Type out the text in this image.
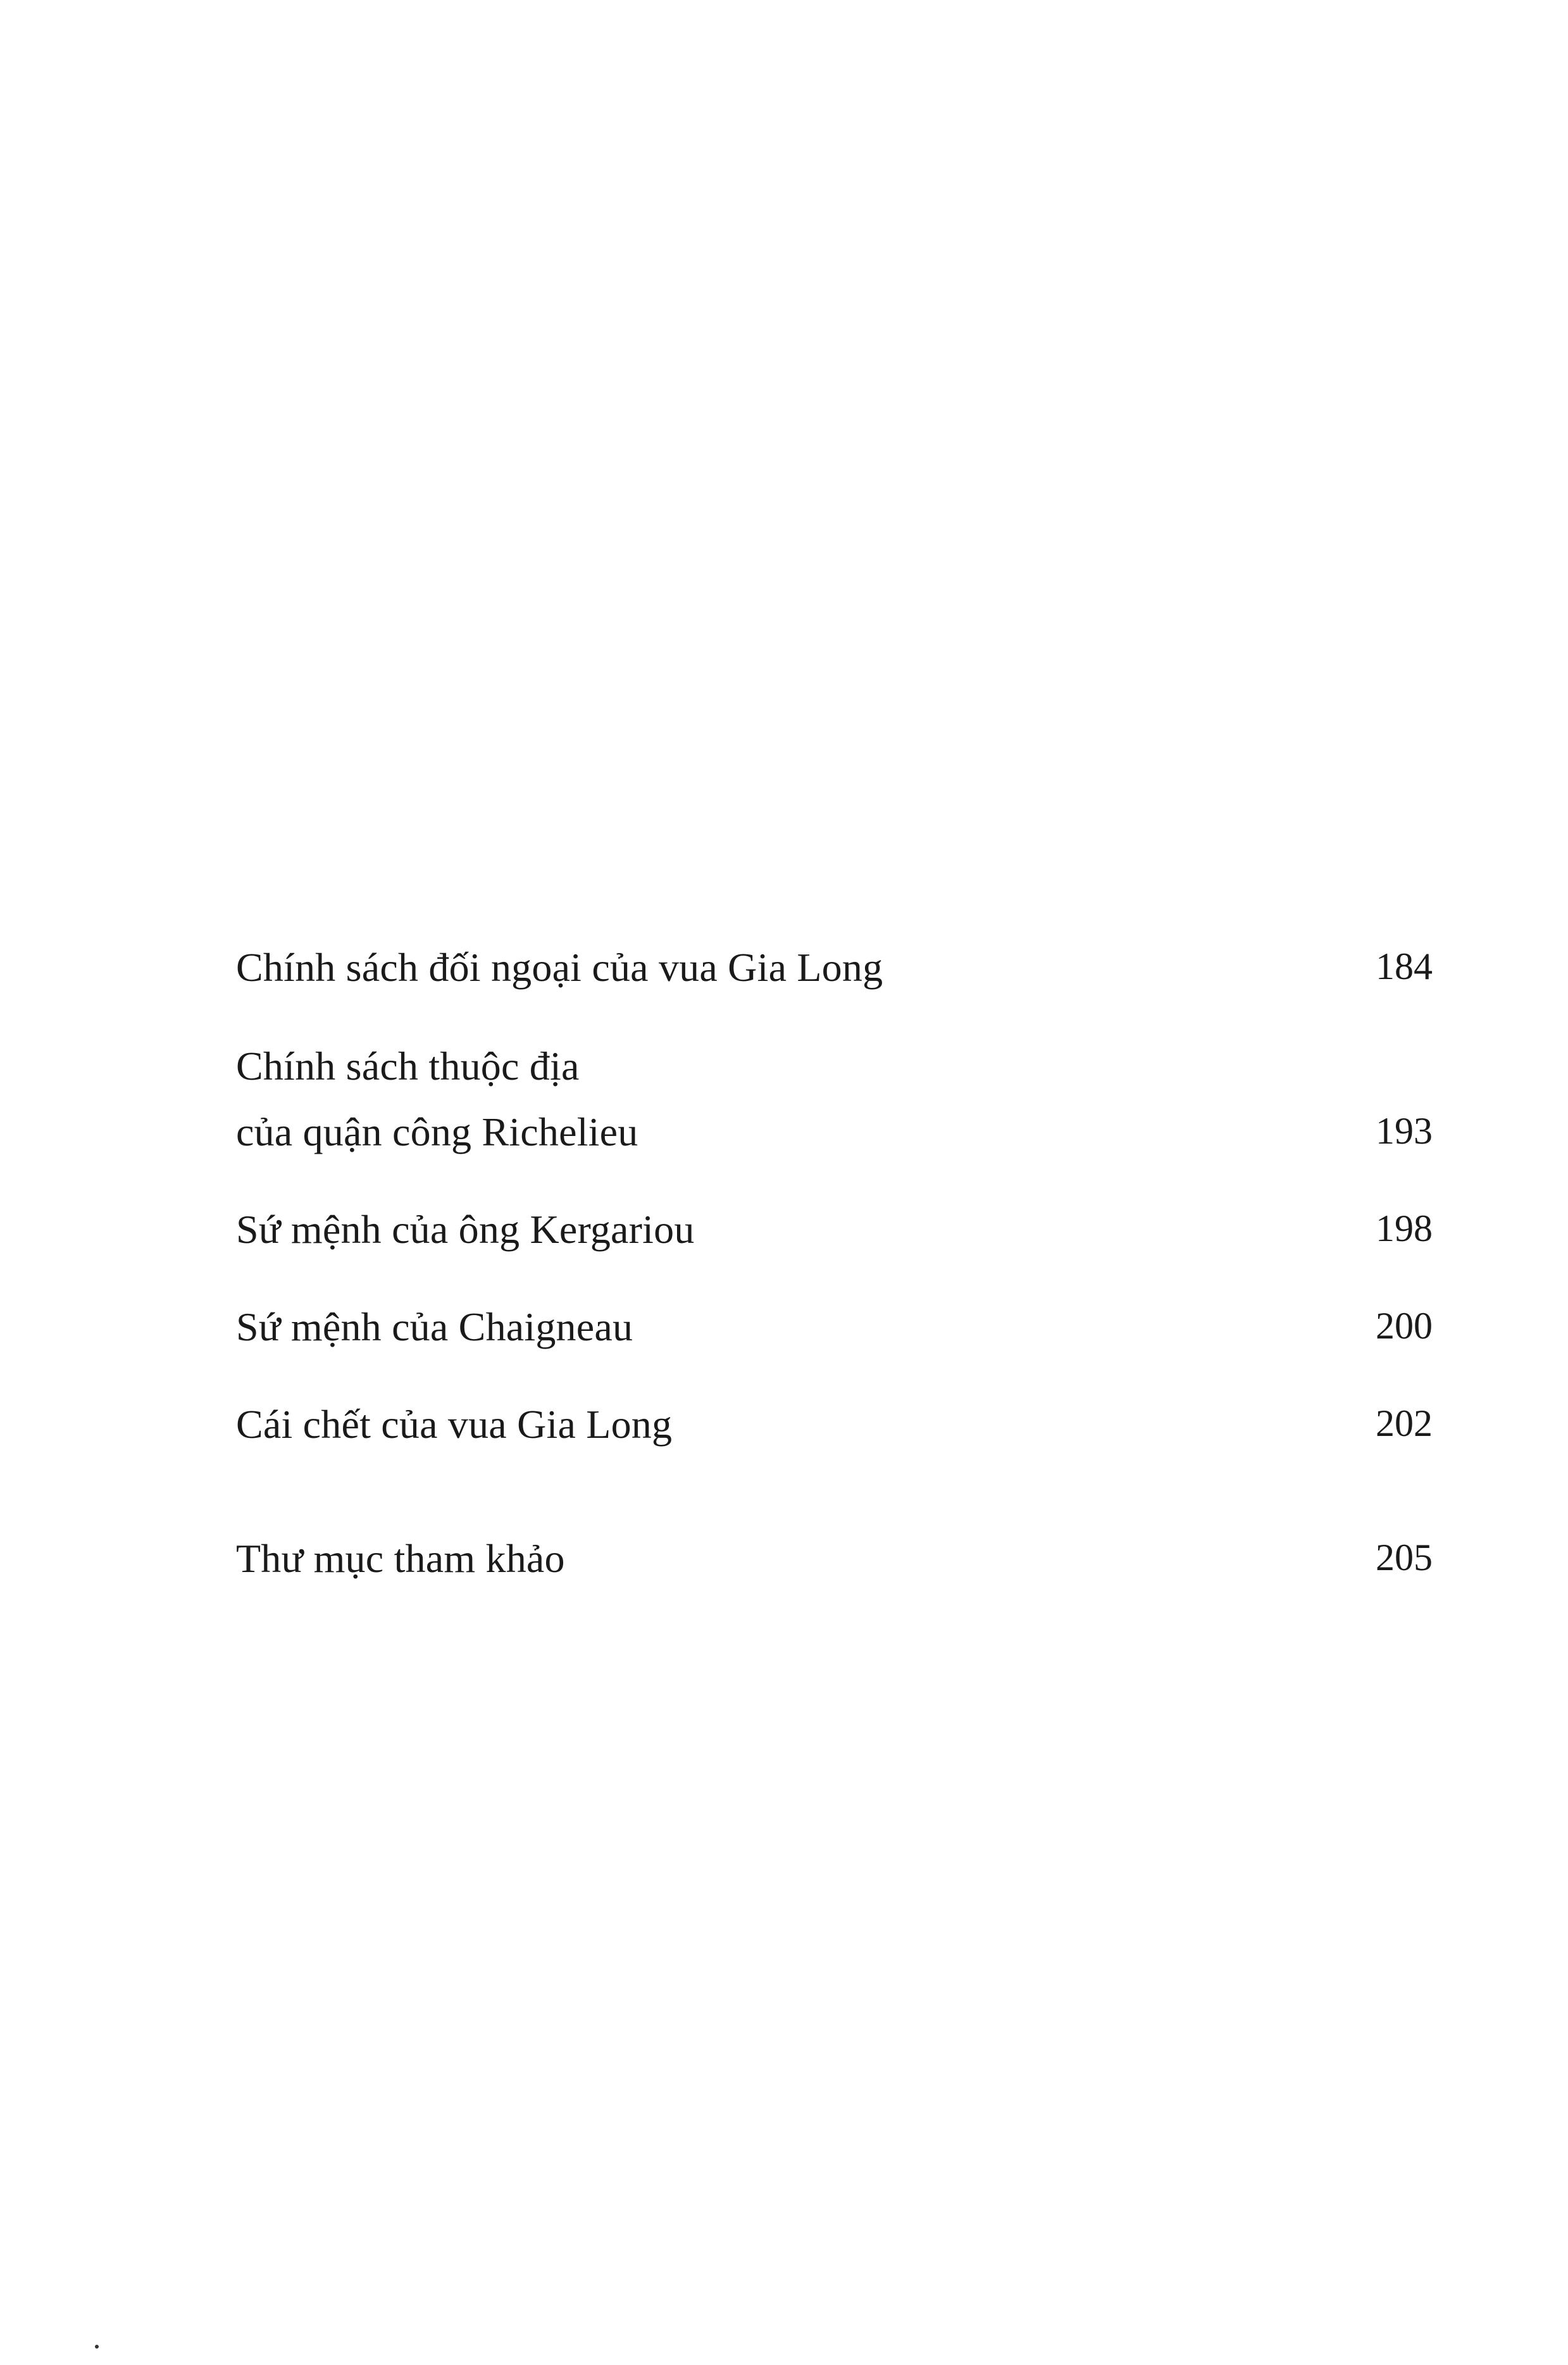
Chính sách đối ngoại của vua Gia Long	184
Chính sách thuộc địa
của quận công Richelieu	193
Sứ mệnh của ông Kergariou	198
Sứ mệnh của Chaigneau	200
Cái chết của vua Gia Long	202
Thư mục tham khảo	205
